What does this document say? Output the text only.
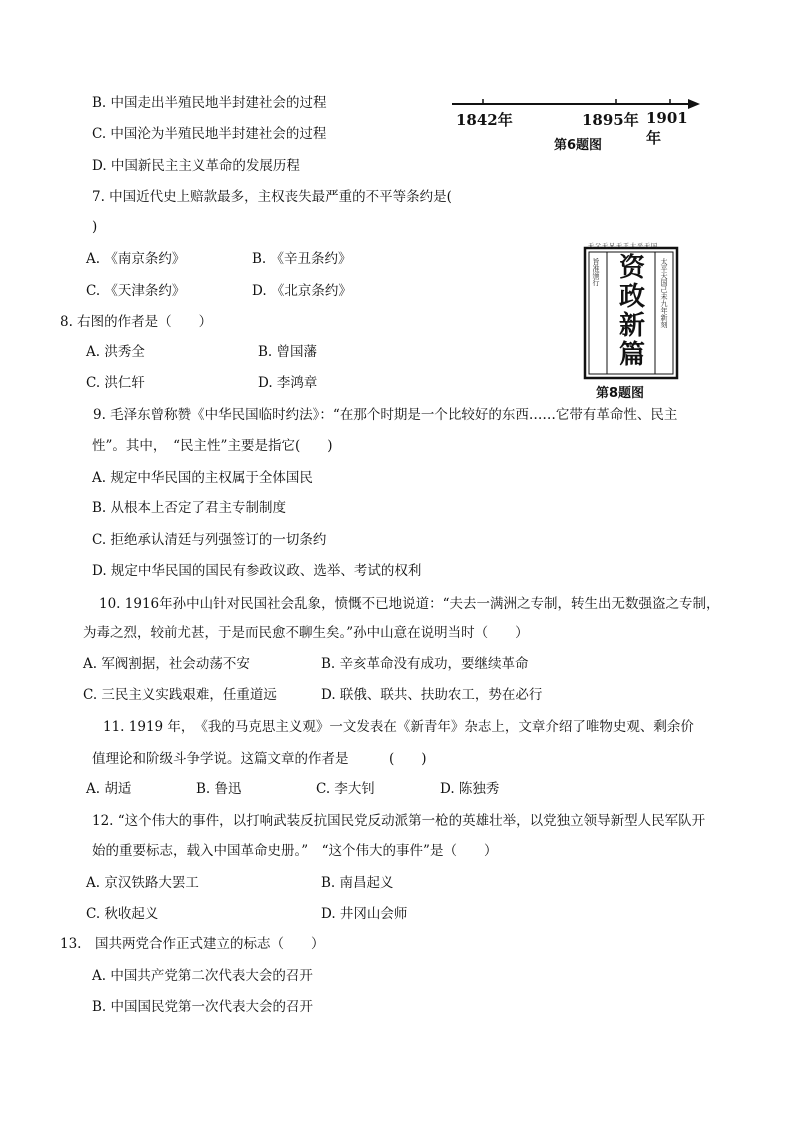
B. 中国走出半殖民地半封建社会的过程
C. 中国沦为半殖民地半封建社会的过程
D. 中国新民主主义革命的发展历程
1842年	1895年 1901年
第6题图
7. 中国近代史上赔款最多，主权丧失最严重的不平等条约是(
)
A. 《南京条约》	B. 《辛丑条约》
C. 《天津条约》	D. 《北京条约》
天父天兄天王太平天国
旨准颁行	太平天国己未九年新刻
资政新篇
第8题图
8. 右图的作者是（　　）
A. 洪秀全	B. 曾国藩
C. 洪仁轩	D. 李鸿章
9. 毛泽东曾称赞《中华民国临时约法》：“在那个时期是一个比较好的东西……它带有革命性、民主
性”。其中，　“民主性”主要是指它(　　)
A. 规定中华民国的主权属于全体国民
B. 从根本上否定了君主专制制度
C. 拒绝承认清廷与列强签订的一切条约
D. 规定中华民国的国民有参政议政、选举、考试的权利
10. 1916年孙中山针对民国社会乱象，愤慨不已地说道：“夫去一满洲之专制，转生出无数强盗之专制，
为毒之烈，较前尤甚，于是而民愈不聊生矣。”孙中山意在说明当时（　　）
A. 军阀割据，社会动荡不安	B. 辛亥革命没有成功，要继续革命
C. 三民主义实践艰难，任重道远	D. 联俄、联共、扶助农工，势在必行
11. 1919 年，　《我的马克思主义观》一文发表在《新青年》杂志上，文章介绍了唯物史观、剩余价
值理论和阶级斗争学说。这篇文章的作者是　　　(　　)
A. 胡适	B. 鲁迅	C. 李大钊	D. 陈独秀
12. “这个伟大的事件，以打响武装反抗国民党反动派第一枪的英雄壮举，以党独立领导新型人民军队开
始的重要标志，载入中国革命史册。”　“这个伟大的事件”是（　　）
A. 京汉铁路大罢工	B. 南昌起义
C. 秋收起义	D. 井冈山会师
13.　国共两党合作正式建立的标志（　　）
A. 中国共产党第二次代表大会的召开
B. 中国国民党第一次代表大会的召开
